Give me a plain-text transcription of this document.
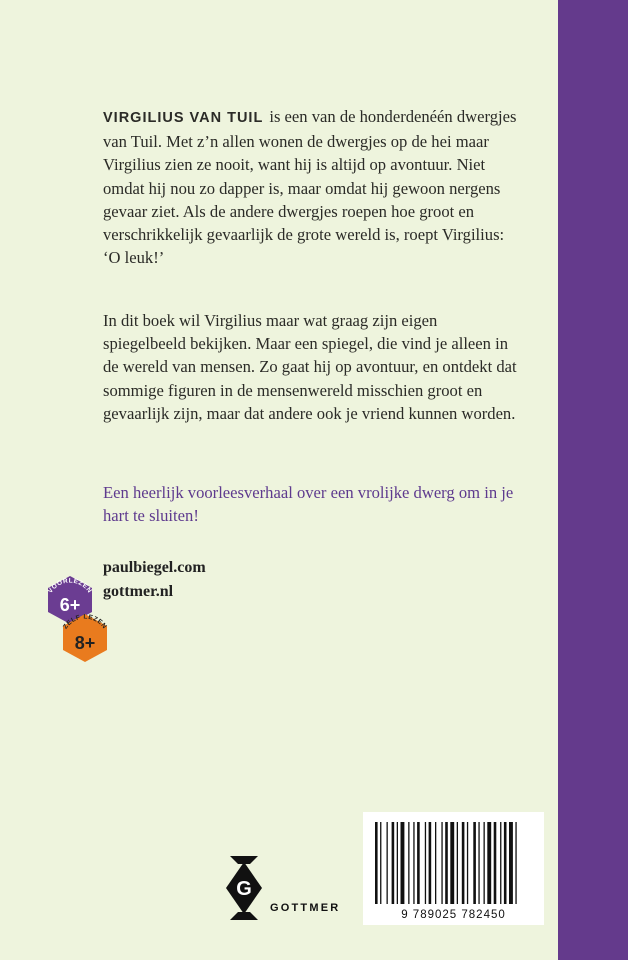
VIRGILIUS VAN TUIL is een van de honderdenéén dwergjes van Tuil. Met z’n allen wonen de dwergjes op de hei maar Virgilius zien ze nooit, want hij is altijd op avontuur. Niet omdat hij nou zo dapper is, maar omdat hij gewoon nergens gevaar ziet. Als de andere dwergjes roepen hoe groot en verschrikkelijk gevaarlijk de grote wereld is, roept Virgilius: ‘O leuk!’

In dit boek wil Virgilius maar wat graag zijn eigen spiegelbeeld bekijken. Maar een spiegel, die vind je alleen in de wereld van mensen. Zo gaat hij op avontuur, en ontdekt dat sommige figuren in de mensenwereld misschien groot en gevaarlijk zijn, maar dat andere ook je vriend kunnen worden.

Een heerlijk voorleesverhaal over een vrolijke dwerg om in je hart te sluiten!

paulbiegel.com
gottmer.nl
VOORLEZEN
6+
ZELF LEZEN
8+
G
GOTTMER
9 789025 782450
